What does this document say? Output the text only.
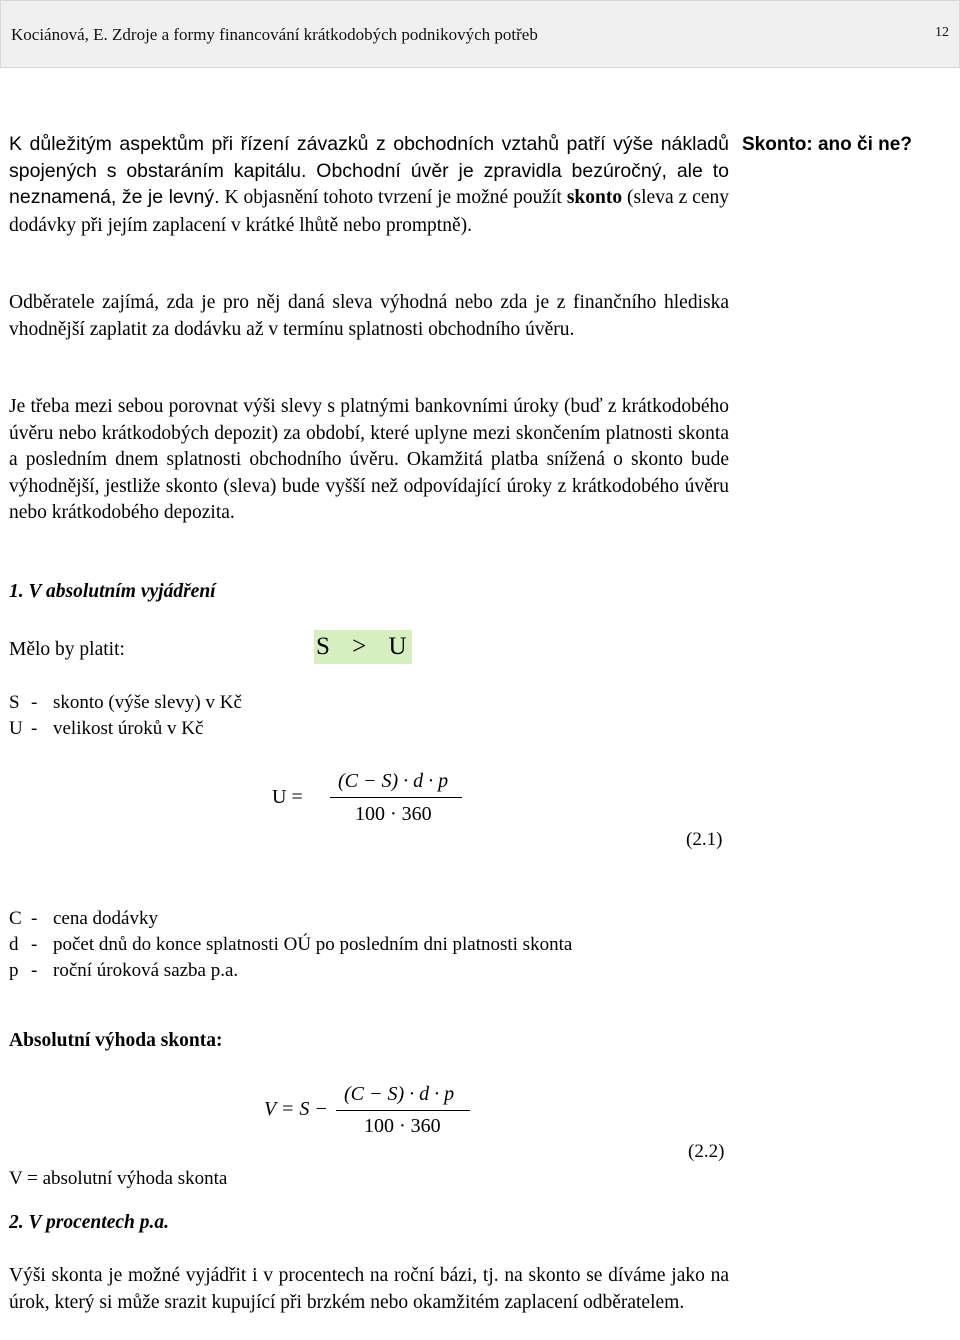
Kociánová, E. Zdroje a formy financování krátkodobých podnikových potřeb	12
Skonto: ano či ne?

K důležitým aspektům při řízení závazků z obchodních vztahů patří výše nákladů spojených s obstaráním kapitálu. Obchodní úvěr je zpravidla bezúročný, ale to neznamená, že je levný. K objasnění tohoto tvrzení je možné použít skonto (sleva z ceny dodávky při jejím zaplacení v krátké lhůtě nebo promptně).

Odběratele zajímá, zda je pro něj daná sleva výhodná nebo zda je z finančního hlediska vhodnější zaplatit za dodávku až v termínu splatnosti obchodního úvěru.

Je třeba mezi sebou porovnat výši slevy s platnými bankovními úroky (buď z krátkodobého úvěru nebo krátkodobých depozit) za období, které uplyne mezi skončením platnosti skonta a posledním dnem splatnosti obchodního úvěru. Okamžitá platba snížená o skonto bude výhodnější, jestliže skonto (sleva) bude vyšší než odpovídající úroky z krátkodobého úvěru nebo krátkodobého depozita.

1. V absolutním vyjádření
Mělo by platit:	S > U
S - skonto (výše slevy) v Kč
U - velikost úroků v Kč
U =
(C − S) · d · p
100 · 360
(2.1)
C - cena dodávky
d - počet dnů do konce splatnosti OÚ po posledním dni platnosti skonta
p - roční úroková sazba p.a.
Absolutní výhoda skonta:
V = S −
(C − S) · d · p
100 · 360
(2.2)
V = absolutní výhoda skonta
2. V procentech p.a.

Výši skonta je možné vyjádřit i v procentech na roční bázi, tj. na skonto se díváme jako na úrok, který si může srazit kupující při brzkém nebo okamžitém zaplacení odběratelem.
